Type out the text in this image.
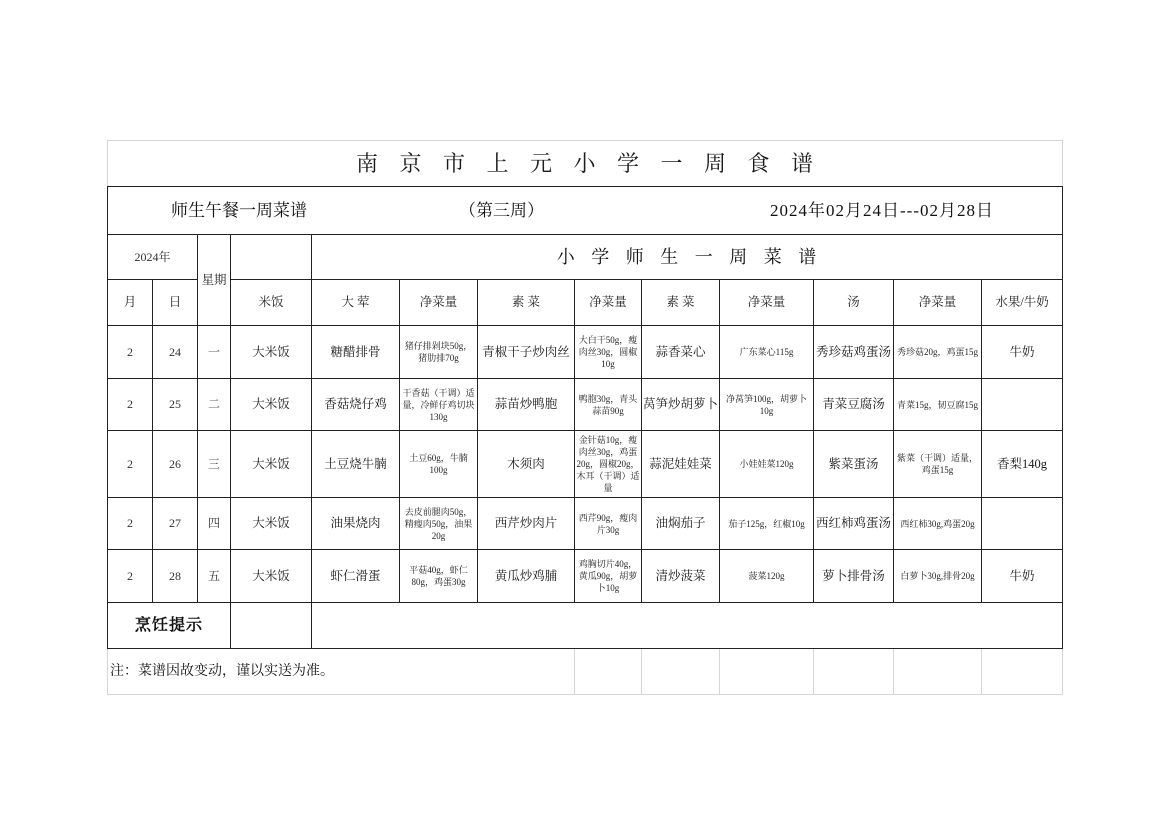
南 京 市 上 元 小 学 一 周 食 谱												

师生午餐一周菜谱 （第三周） 2024年02月24日---02月28日												

2024年		星期		小 学 师 生 一 周 菜 谱								
月	日		米饭	大 荤	净菜量	素 菜	净菜量	素 菜	净菜量	汤	净菜量	水果/牛奶
2	24	一	大米饭	糖醋排骨	猪仔排剁块50g，猪肋排70g	青椒干子炒肉丝	大白干50g，瘦肉丝30g，圆椒10g	蒜香菜心	广东菜心115g	秀珍菇鸡蛋汤	秀珍菇20g，鸡蛋15g	牛奶
2	25	二	大米饭	香菇烧仔鸡	干香菇（干调）适量，冷鲜仔鸡切块130g	蒜苗炒鸭胞	鸭胞30g，青头蒜苗90g	莴笋炒胡萝卜	净莴笋100g，胡萝卜10g	青菜豆腐汤	青菜15g，韧豆腐15g	
2	26	三	大米饭	土豆烧牛腩	土豆60g，牛腩100g	木须肉	金针菇10g，瘦肉丝30g，鸡蛋20g，圆椒20g，木耳（干调）适量	蒜泥娃娃菜	小娃娃菜120g	紫菜蛋汤	紫菜（干调）适量，鸡蛋15g	香梨140g
2	27	四	大米饭	油果烧肉	去皮前腿肉50g，精瘦肉50g，油果20g	西芹炒肉片	西芹90g，瘦肉片30g	油焖茄子	茄子125g，红椒10g	西红柿鸡蛋汤	西红柿30g,鸡蛋20g	
2	28	五	大米饭	虾仁滑蛋	平菇40g，虾仁80g，鸡蛋30g	黄瓜炒鸡脯	鸡胸切片40g，黄瓜90g，胡萝卜10g	清炒菠菜	菠菜120g	萝卜排骨汤	白萝卜30g,排骨20g	牛奶
烹饪提示												
注：菜谱因故变动，谨以实送为准。												
